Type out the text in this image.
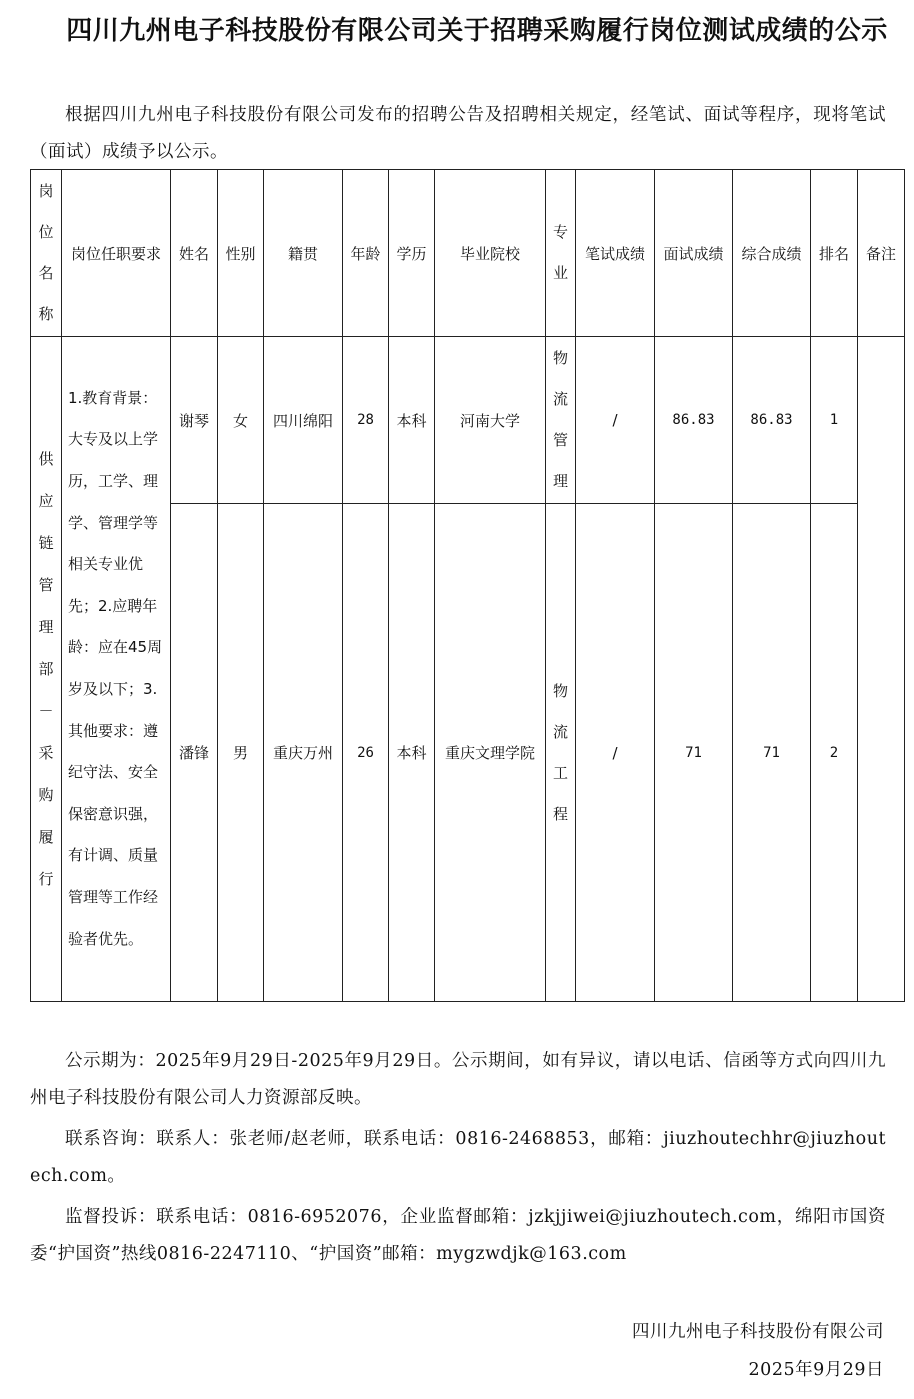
四川九州电子科技股份有限公司关于招聘采购履行岗位测试成绩的公示
根据四川九州电子科技股份有限公司发布的招聘公告及招聘相关规定，经笔试、面试等程序，现将笔试（面试）成绩予以公示。
岗位名称	岗位任职要求	姓名	性别	籍贯	年龄	学历	毕业院校	专业	笔试成绩	面试成绩	综合成绩	排名	备注
供应链管理部－采购履行	1.教育背景：大专及以上学历，工学、理学、管理学等相关专业优先；2.应聘年龄：应在45周岁及以下；3.其他要求：遵纪守法、安全保密意识强，有计调、质量管理等工作经验者优先。	谢琴	女	四川绵阳	28	本科	河南大学	物流管理	/	86.83	86.83	1	
		潘锋	男	重庆万州	26	本科	重庆文理学院	物流工程	/	71	71	2	
公示期为：2025年9月29日-2025年9月29日。公示期间，如有异议，请以电话、信函等方式向四川九州电子科技股份有限公司人力资源部反映。
联系咨询：联系人：张老师/赵老师，联系电话：0816-2468853，邮箱：jiuzhoutechhr@jiuzhoutech.com。
监督投诉：联系电话：0816-6952076，企业监督邮箱：jzkjjiwei@jiuzhoutech.com，绵阳市国资委“护国资”热线0816-2247110、“护国资”邮箱：mygzwdjk@163.com
四川九州电子科技股份有限公司
2025年9月29日
